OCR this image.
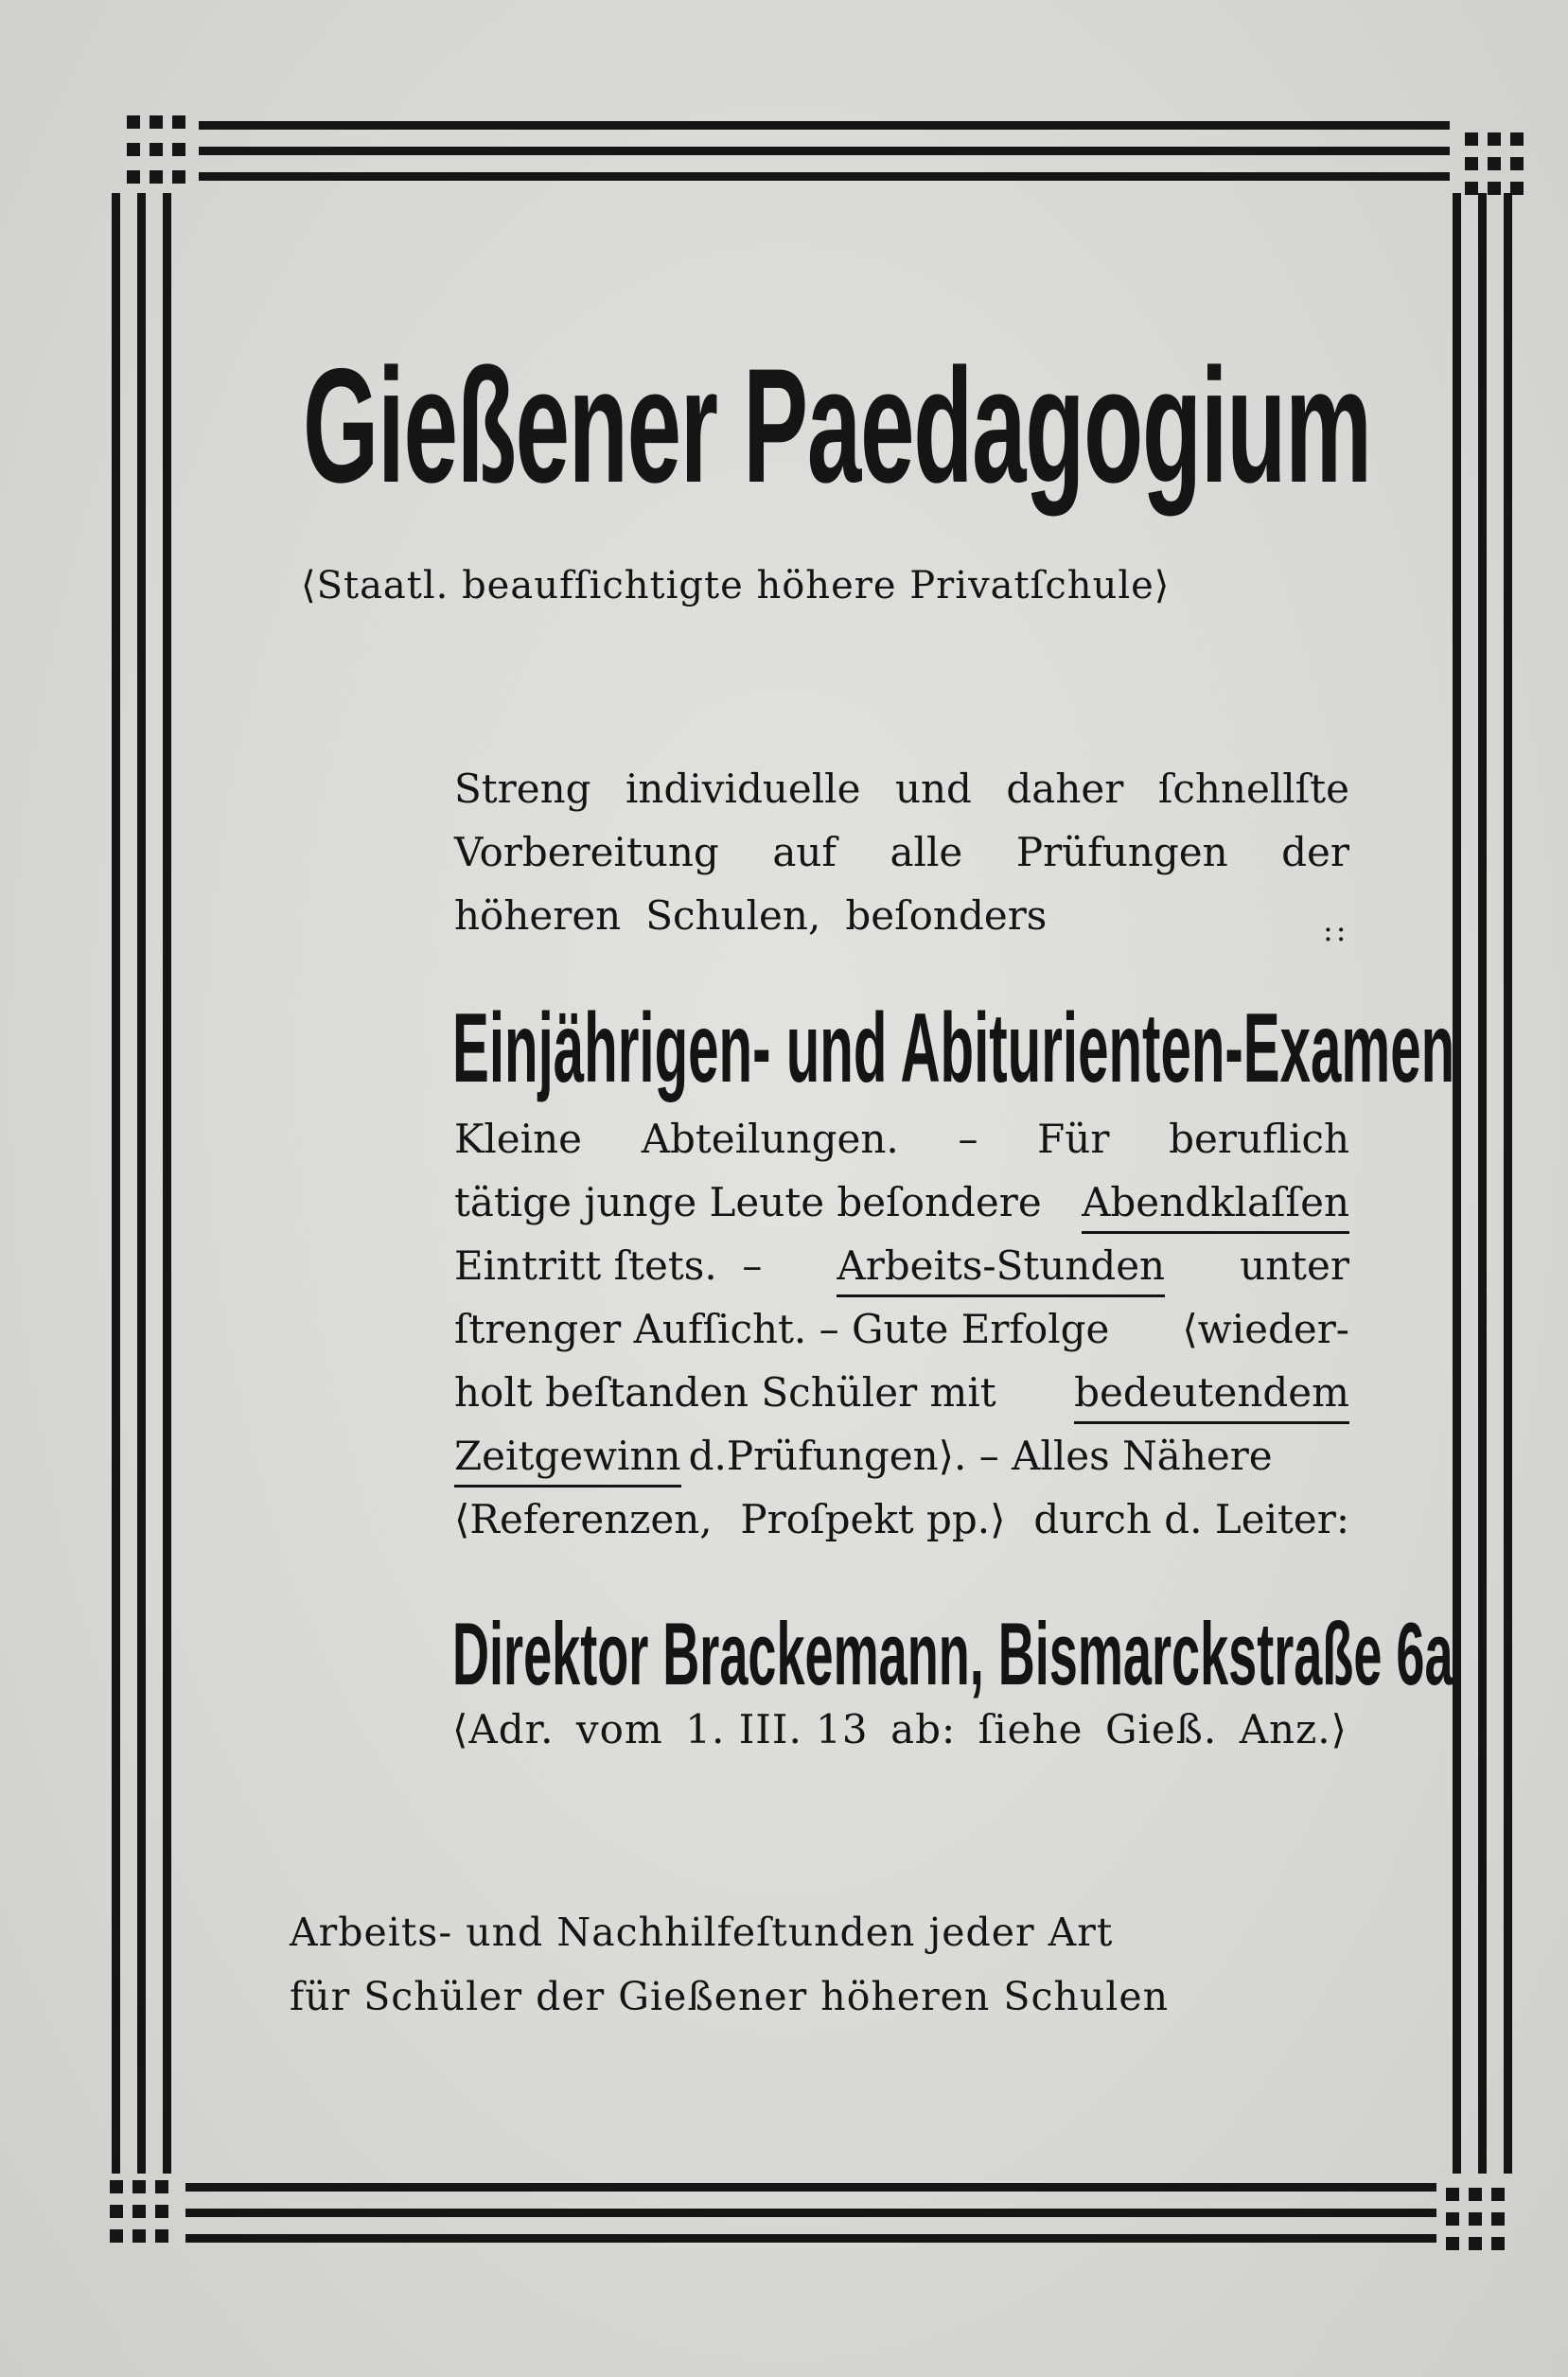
Gießener Paedagogium
⟨Staatl. beaufſichtigte höhere Privatſchule⟩
Streng individuelle und daher ſchnellſte
Vorbereitung auf alle Prüfungen der
höheren Schulen, beſonders	::
Einjährigen- und Abiturienten-Examen
Kleine Abteilungen. – Für beruflich
tätige junge Leute beſondere Abendklaſſen
Eintritt ſtets.  – Arbeits-Stunden unter
ſtrenger Aufſicht. – Gute Erfolge ⟨wieder-
holt beſtanden Schüler mit bedeutendem
Zeitgewinn d.Prüfungen⟩. – Alles Nähere
⟨Referenzen, Proſpekt pp.⟩ durch d. Leiter:
Direktor Brackemann, Bismarckstraße 6a
⟨Adr. vom 1. III. 13 ab: ſiehe Gieß. Anz.⟩
Arbeits- und Nachhilfeſtunden jeder Art
für Schüler der Gießener höheren Schulen
